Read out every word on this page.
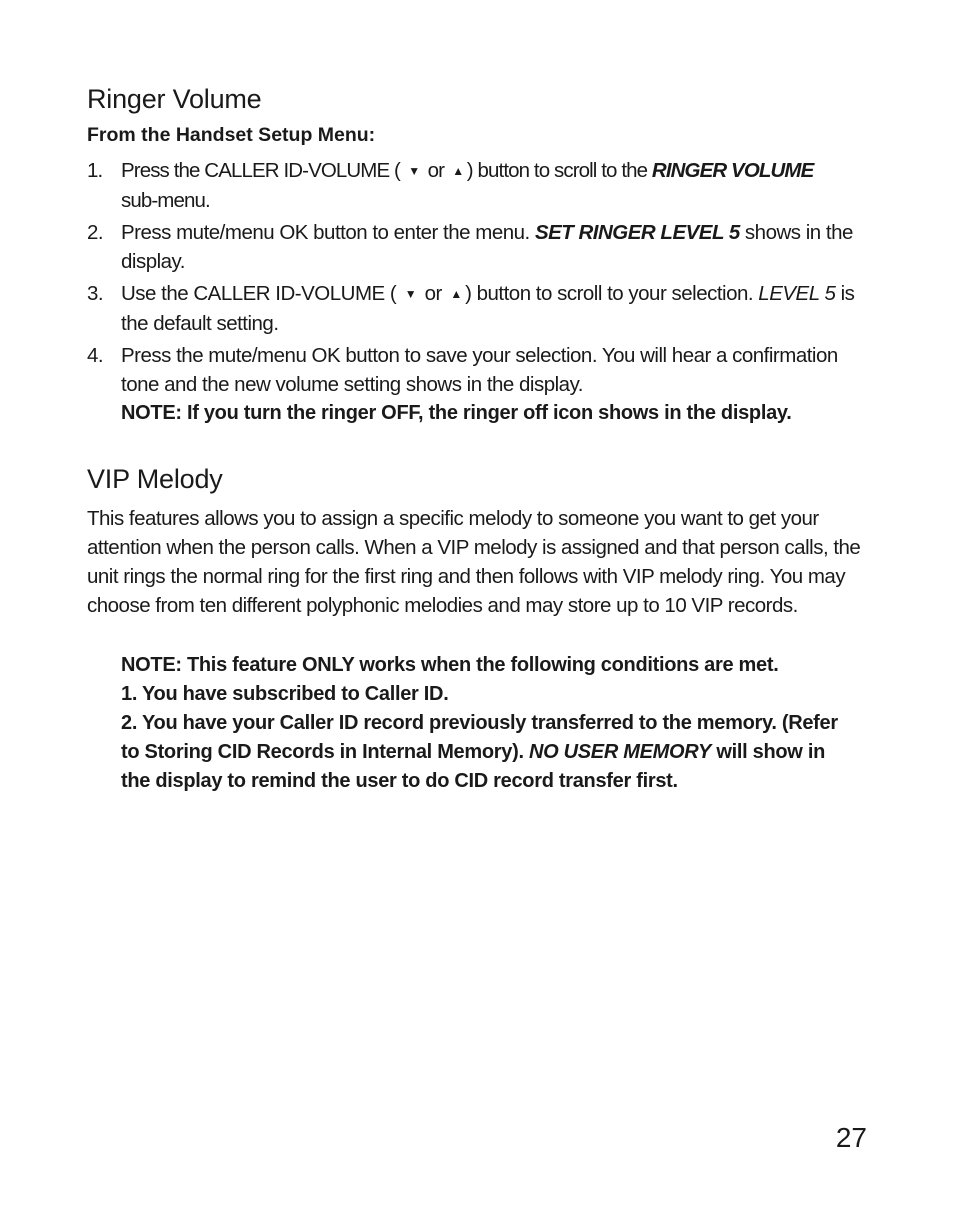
Ringer Volume
From the Handset Setup Menu:
1. Press the CALLER ID-VOLUME ( ▼ or ▲ ) button to scroll to the RINGER VOLUME
sub-menu.
2. Press mute/menu OK button to enter the menu. SET RINGER LEVEL 5 shows in the display.
3. Use the CALLER ID-VOLUME ( ▼ or ▲ ) button to scroll to your selection. LEVEL 5 is the default setting.
4. Press the mute/menu OK button to save your selection. You will hear a confirmation tone and the new volume setting shows in the display.
NOTE: If you turn the ringer OFF, the ringer off icon shows in the display.
VIP Melody

This features allows you to assign a specific melody to someone you want to get your attention when the person calls. When a VIP melody is assigned and that person calls, the unit rings the normal ring for the first ring and then follows with VIP melody ring. You may choose from ten different polyphonic melodies and may store up to 10 VIP records.

NOTE: This feature ONLY works when the following conditions are met.
1. You have subscribed to Caller ID.
2. You have your Caller ID record previously transferred to the memory. (Refer to Storing CID Records in Internal Memory). NO USER MEMORY will show in the display to remind the user to do CID record transfer first.
27
